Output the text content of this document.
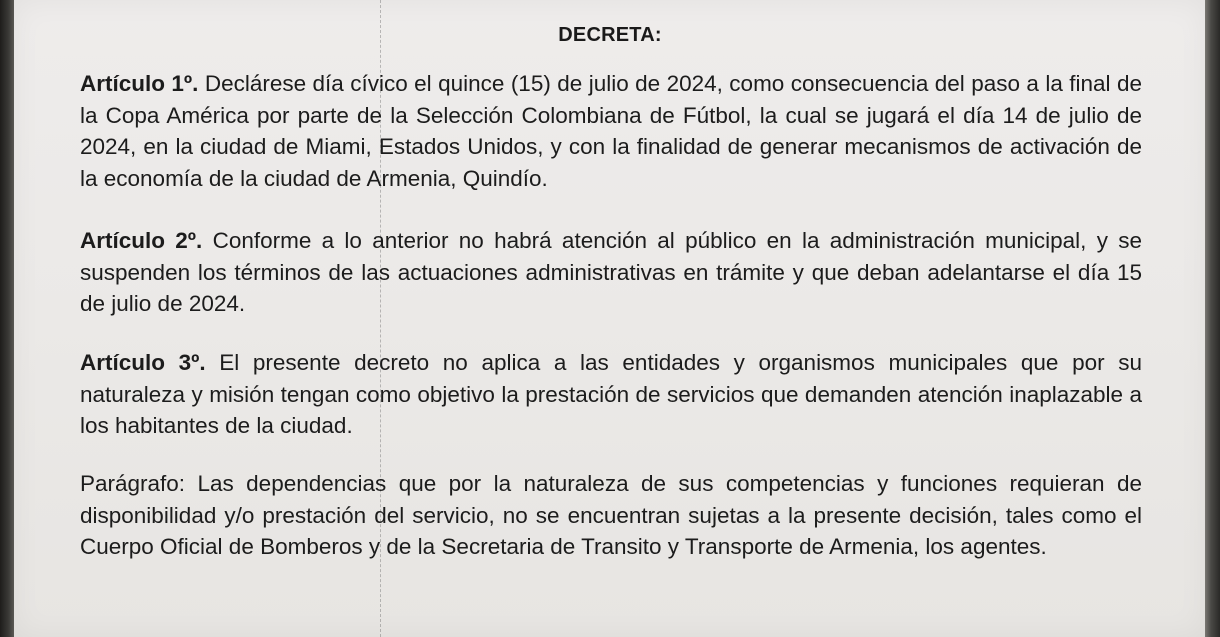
DECRETA:
Artículo 1º. Declárese día cívico el quince (15) de julio de 2024, como consecuencia del paso a la final de la Copa América por parte de la Selección Colombiana de Fútbol, la cual se jugará el día 14 de julio de 2024, en la ciudad de Miami, Estados Unidos, y con la finalidad de generar mecanismos de activación de la economía de la ciudad de Armenia, Quindío.
Artículo 2º. Conforme a lo anterior no habrá atención al público en la administración municipal, y se suspenden los términos de las actuaciones administrativas en trámite y que deban adelantarse el día 15 de julio de 2024.
Artículo 3º. El presente decreto no aplica a las entidades y organismos municipales que por su naturaleza y misión tengan como objetivo la prestación de servicios que demanden atención inaplazable a los habitantes de la ciudad.
Parágrafo: Las dependencias que por la naturaleza de sus competencias y funciones requieran de disponibilidad y/o prestación del servicio, no se encuentran sujetas a la presente decisión, tales como el Cuerpo Oficial de Bomberos y de la Secretaria de Transito y Transporte de Armenia, los agentes.
